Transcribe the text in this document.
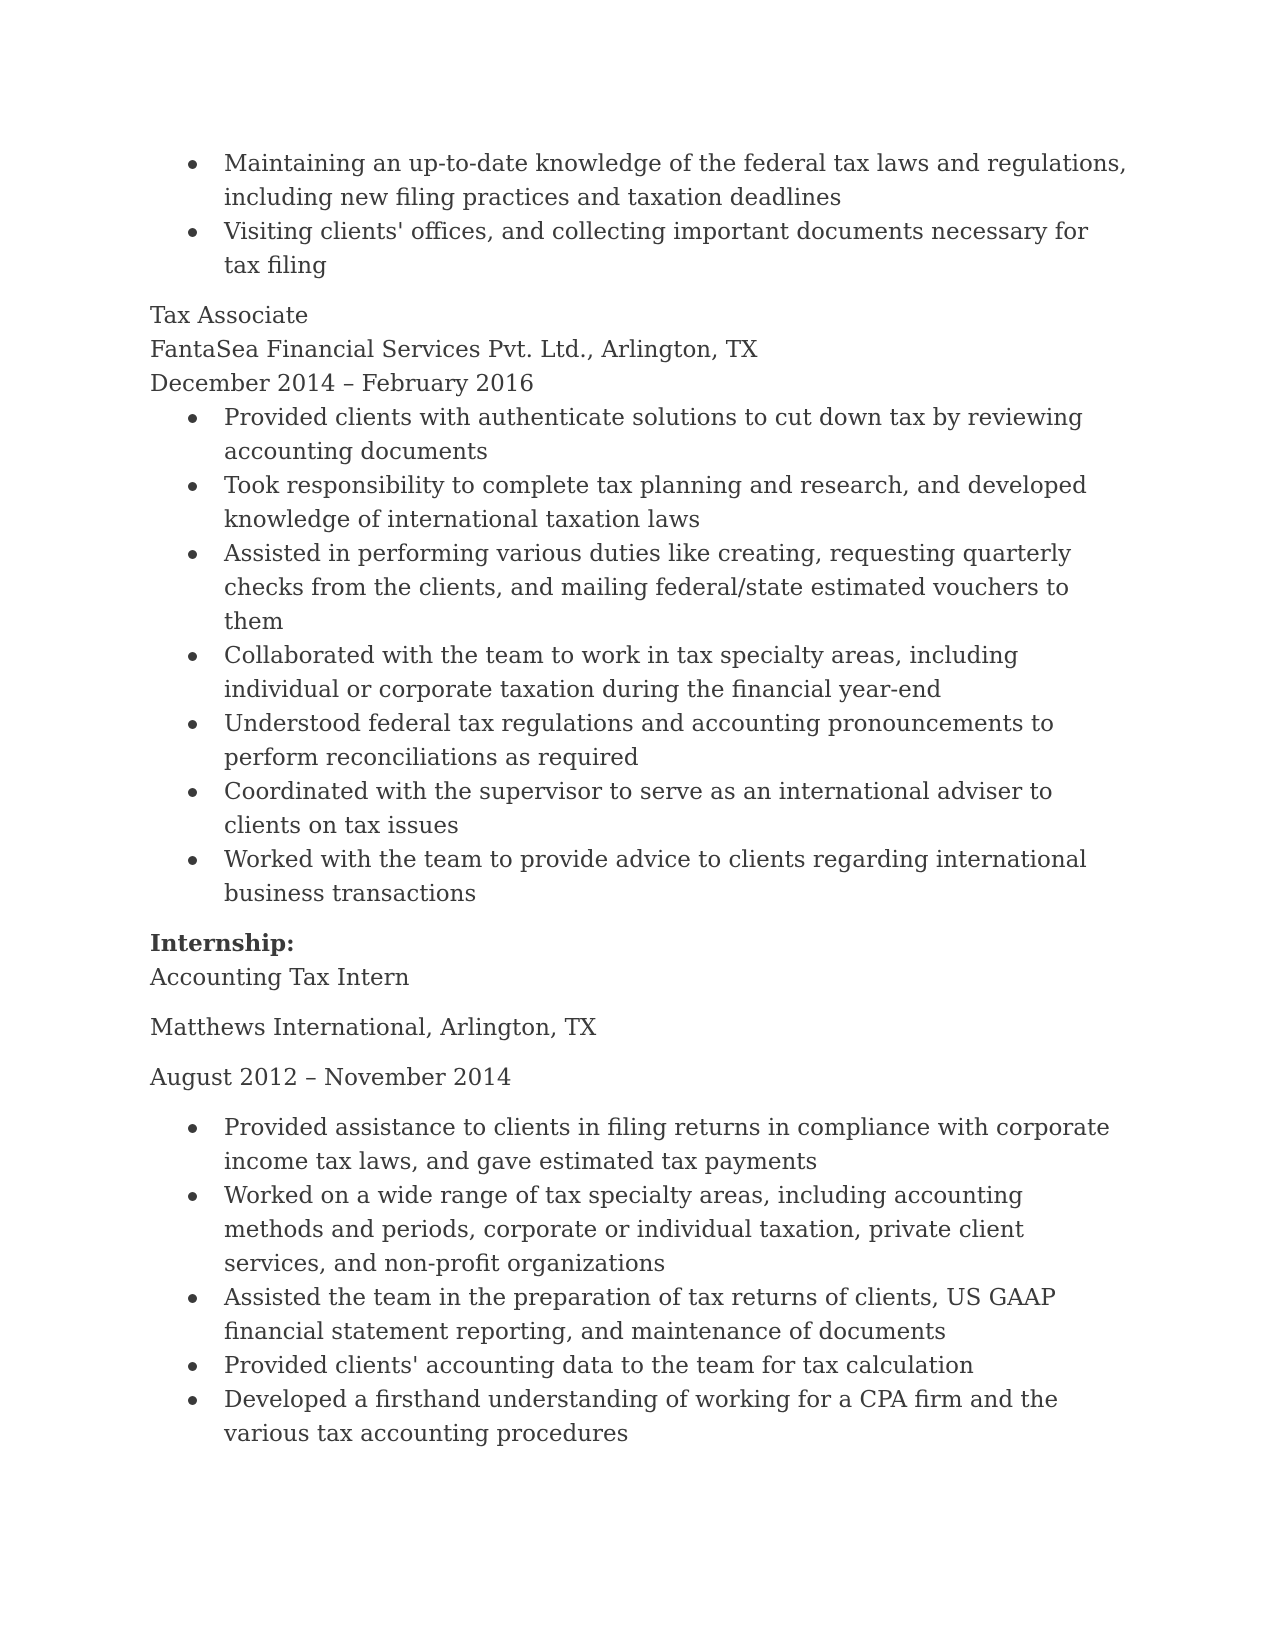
Maintaining an up-to-date knowledge of the federal tax laws and regulations, including new filing practices and taxation deadlines
Visiting clients' offices, and collecting important documents necessary for tax filing
Tax Associate
FantaSea Financial Services Pvt. Ltd., Arlington, TX
December 2014 – February 2016
Provided clients with authenticate solutions to cut down tax by reviewing accounting documents
Took responsibility to complete tax planning and research, and developed knowledge of international taxation laws
Assisted in performing various duties like creating, requesting quarterly checks from the clients, and mailing federal/state estimated vouchers to them
Collaborated with the team to work in tax specialty areas, including individual or corporate taxation during the financial year-end
Understood federal tax regulations and accounting pronouncements to perform reconciliations as required
Coordinated with the supervisor to serve as an international adviser to clients on tax issues
Worked with the team to provide advice to clients regarding international business transactions
Internship:
Accounting Tax Intern
Matthews International, Arlington, TX
August 2012 – November 2014
Provided assistance to clients in filing returns in compliance with corporate income tax laws, and gave estimated tax payments
Worked on a wide range of tax specialty areas, including accounting methods and periods, corporate or individual taxation, private client services, and non-profit organizations
Assisted the team in the preparation of tax returns of clients, US GAAP financial statement reporting, and maintenance of documents
Provided clients' accounting data to the team for tax calculation
Developed a firsthand understanding of working for a CPA firm and the various tax accounting procedures
